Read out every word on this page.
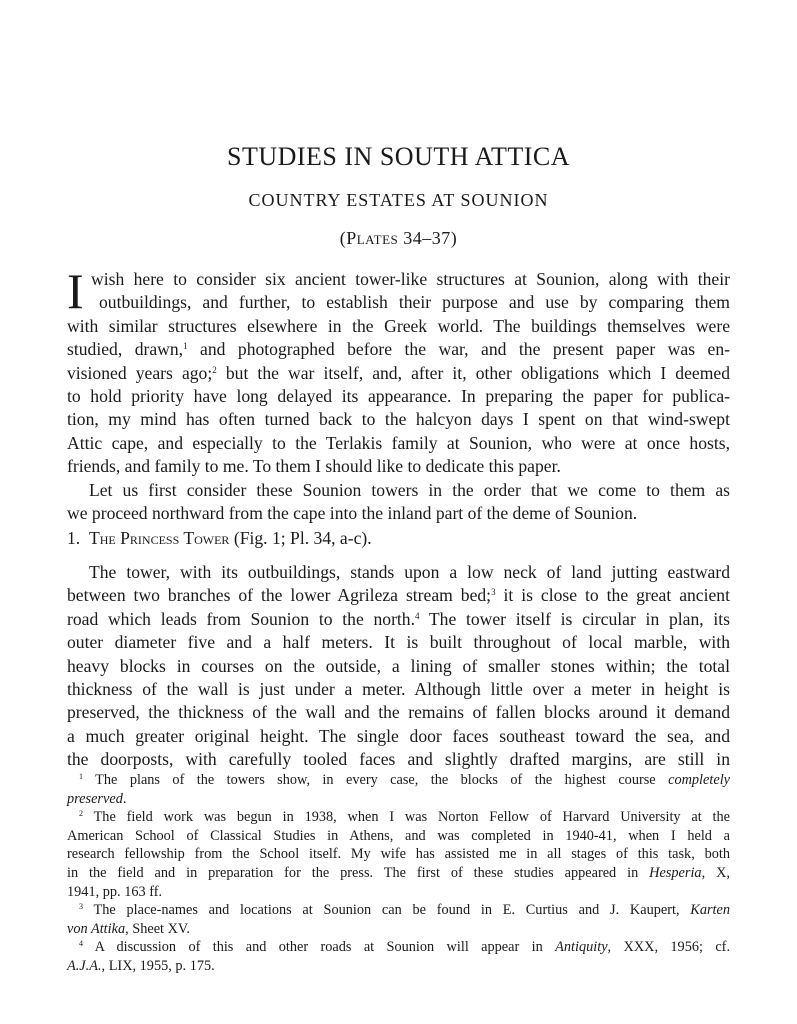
STUDIES IN SOUTH ATTICA
COUNTRY ESTATES AT SOUNION
(Plates 34–37)
I wish here to consider six ancient tower-like structures at Sounion, along with their
outbuildings, and further, to establish their purpose and use by comparing them
with similar structures elsewhere in the Greek world. The buildings themselves were
studied, drawn,$^1$ and photographed before the war, and the present paper was en-
visioned years ago;$^2$ but the war itself, and, after it, other obligations which I deemed
to hold priority have long delayed its appearance. In preparing the paper for publica-
tion, my mind has often turned back to the halcyon days I spent on that wind-swept
Attic cape, and especially to the Terlakis family at Sounion, who were at once hosts,
friends, and family to me. To them I should like to dedicate this paper.
Let us first consider these Sounion towers in the order that we come to them as
we proceed northward from the cape into the inland part of the deme of Sounion.
1. The Princess Tower (Fig. 1; Pl. 34, a-c).
The tower, with its outbuildings, stands upon a low neck of land jutting eastward
between two branches of the lower Agrileza stream bed;$^3$ it is close to the great ancient
road which leads from Sounion to the north.$^4$ The tower itself is circular in plan, its
outer diameter five and a half meters. It is built throughout of local marble, with
heavy blocks in courses on the outside, a lining of smaller stones within; the total
thickness of the wall is just under a meter. Although little over a meter in height is
preserved, the thickness of the wall and the remains of fallen blocks around it demand
a much greater original height. The single door faces southeast toward the sea, and
the doorposts, with carefully tooled faces and slightly drafted margins, are still in
$^1$ The plans of the towers show, in every case, the blocks of the highest course completely
preserved.
$^2$ The field work was begun in 1938, when I was Norton Fellow of Harvard University at the
American School of Classical Studies in Athens, and was completed in 1940-41, when I held a
research fellowship from the School itself. My wife has assisted me in all stages of this task, both
in the field and in preparation for the press. The first of these studies appeared in Hesperia, X,
1941, pp. 163 ff.
$^3$ The place-names and locations at Sounion can be found in E. Curtius and J. Kaupert, Karten
von Attika, Sheet XV.
$^4$ A discussion of this and other roads at Sounion will appear in Antiquity, XXX, 1956; cf.
A.J.A., LIX, 1955, p. 175.
